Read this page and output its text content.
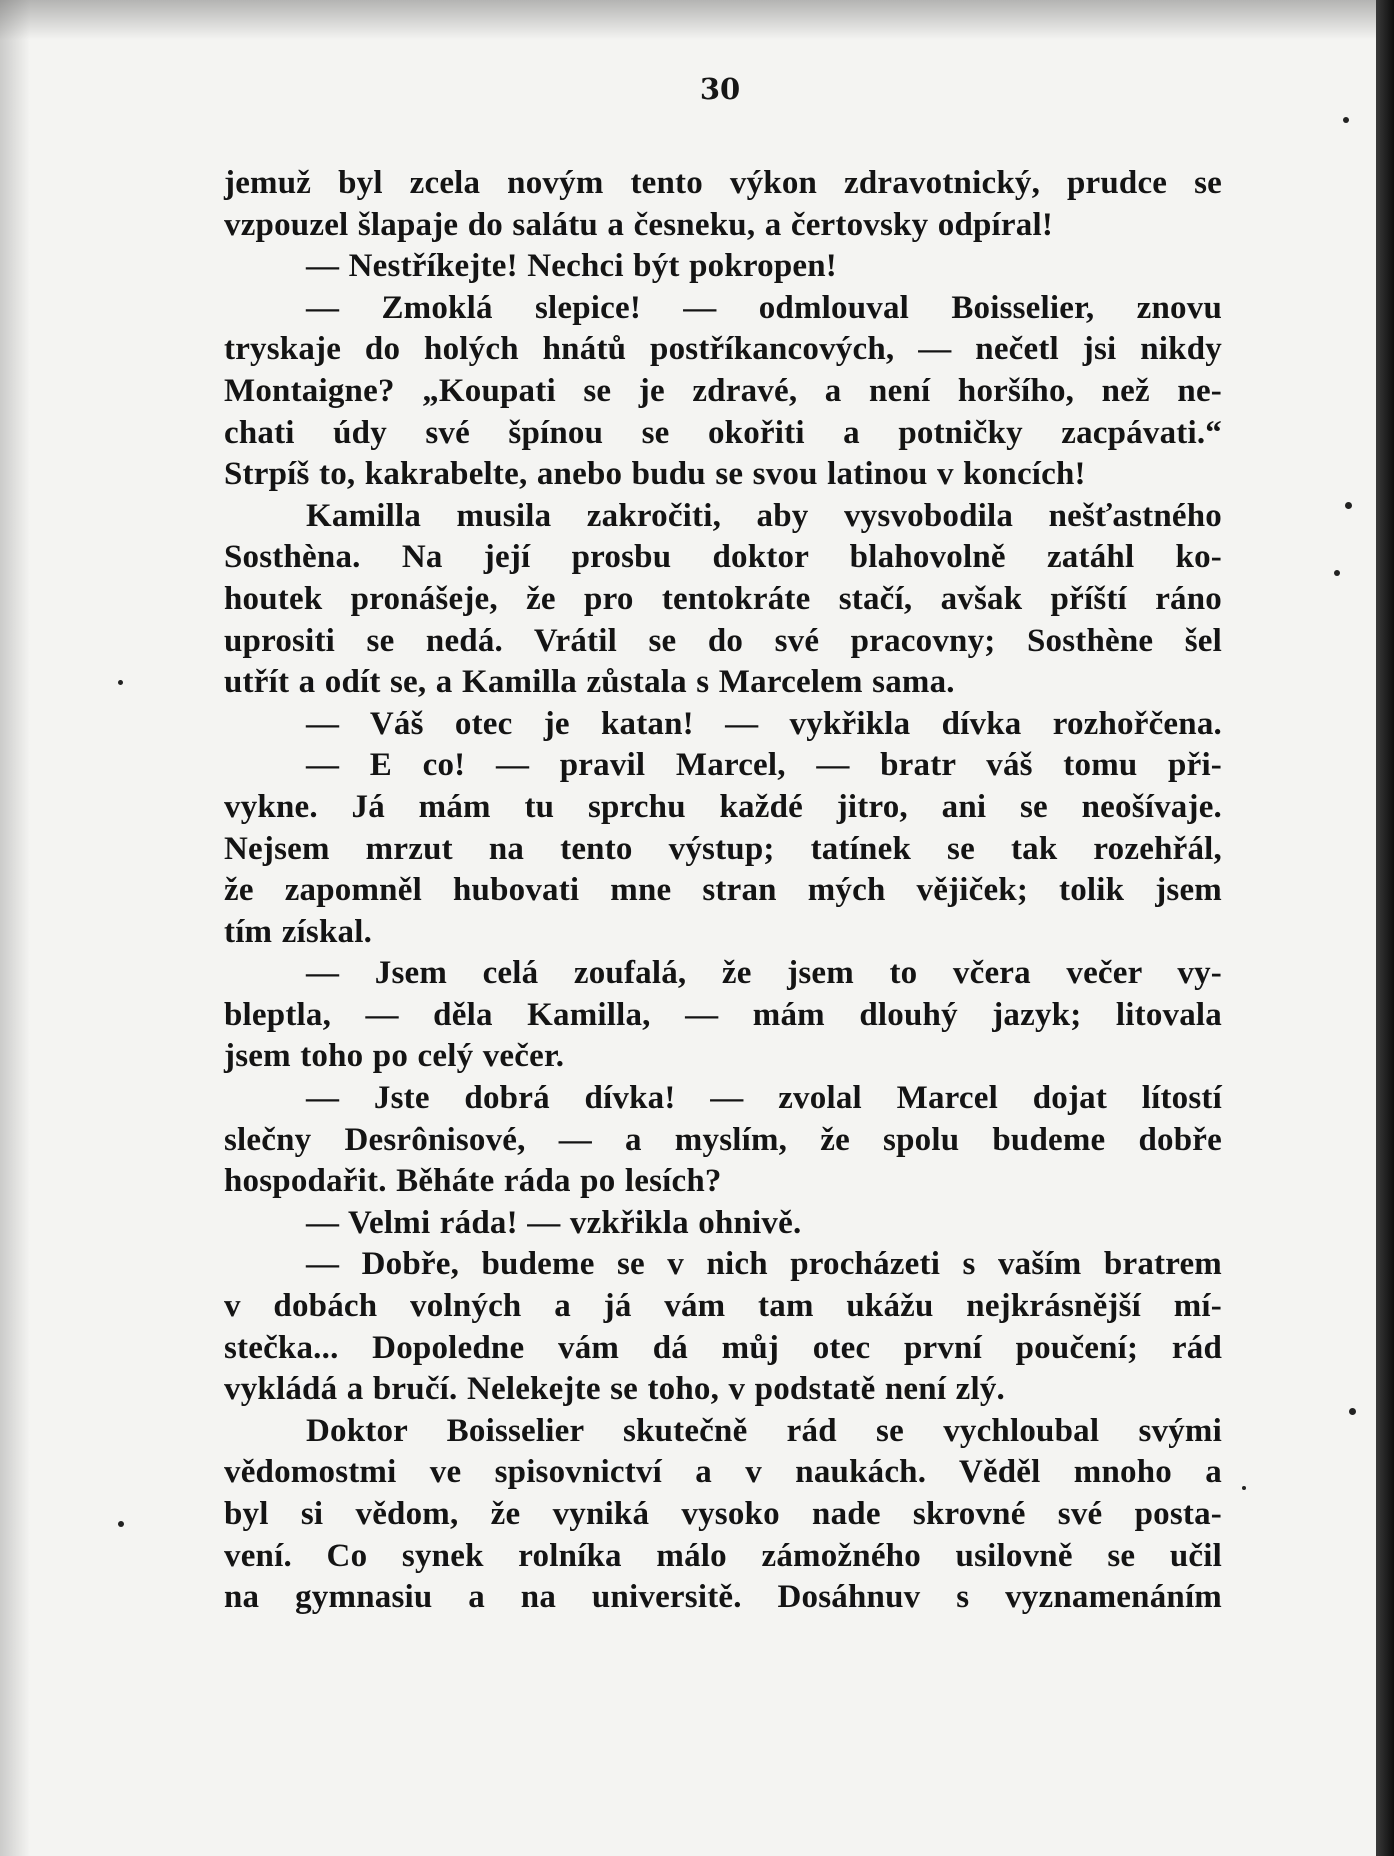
30
jemuž byl zcela novým tento výkon zdravotnický, prudce se
vzpouzel šlapaje do salátu a česneku, a čertovsky odpíral!
— Nestříkejte! Nechci být pokropen!
— Zmoklá slepice! — odmlouval Boisselier, znovu
tryskaje do holých hnátů postříkancových, — nečetl jsi nikdy
Montaigne? „Koupati se je zdravé, a není horšího, než ne-
chati údy své špínou se okořiti a potničky zacpávati.“
Strpíš to, kakrabelte, anebo budu se svou latinou v koncích!
Kamilla musila zakročiti, aby vysvobodila nešťastného
Sosthèna. Na její prosbu doktor blahovolně zatáhl ko-
houtek pronášeje, že pro tentokráte stačí, avšak příští ráno
uprositi se nedá. Vrátil se do své pracovny; Sosthène šel
utřít a odít se, a Kamilla zůstala s Marcelem sama.
— Váš otec je katan! — vykřikla dívka rozhořčena.
— E co! — pravil Marcel, — bratr váš tomu při-
vykne. Já mám tu sprchu každé jitro, ani se neošívaje.
Nejsem mrzut na tento výstup; tatínek se tak rozehřál,
že zapomněl hubovati mne stran mých vějiček; tolik jsem
tím získal.
— Jsem celá zoufalá, že jsem to včera večer vy-
bleptla, — děla Kamilla, — mám dlouhý jazyk; litovala
jsem toho po celý večer.
— Jste dobrá dívka! — zvolal Marcel dojat lítostí
slečny Desrônisové, — a myslím, že spolu budeme dobře
hospodařit. Běháte ráda po lesích?
— Velmi ráda! — vzkřikla ohnivě.
— Dobře, budeme se v nich procházeti s vaším bratrem
v dobách volných a já vám tam ukážu nejkrásnější mí-
stečka... Dopoledne vám dá můj otec první poučení; rád
vykládá a bručí. Nelekejte se toho, v podstatě není zlý.
Doktor Boisselier skutečně rád se vychloubal svými
vědomostmi ve spisovnictví a v naukách. Věděl mnoho a
byl si vědom, že vyniká vysoko nade skrovné své posta-
vení. Co synek rolníka málo zámožného usilovně se učil
na gymnasiu a na universitě. Dosáhnuv s vyznamenáním
